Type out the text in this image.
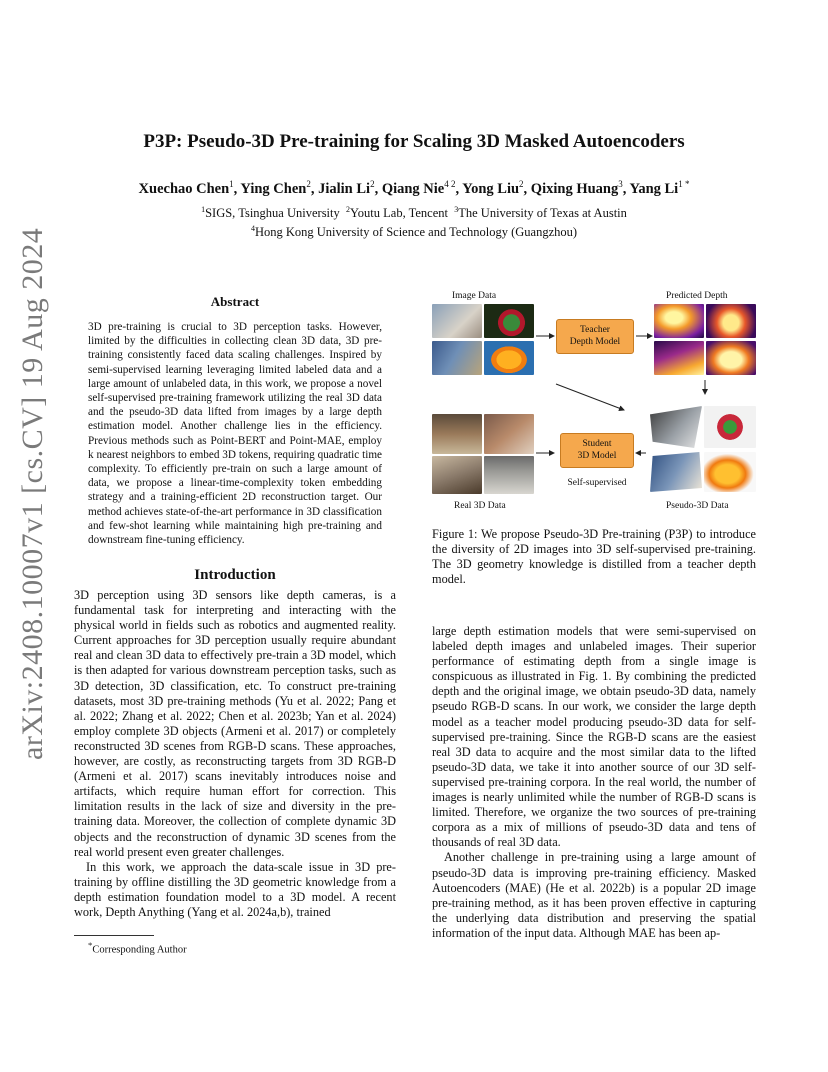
arXiv:2408.10007v1 [cs.CV] 19 Aug 2024
P3P: Pseudo-3D Pre-training for Scaling 3D Masked Autoencoders
Xuechao Chen$^1$, Ying Chen$^2$, Jialin Li$^2$, Qiang Nie$^{4 2}$, Yong Liu$^2$, Qixing Huang$^3$, Yang $Li^{1 *}$
$^1$SIGS, Tsinghua University  $^2$Youtu Lab, Tencent  $^3$The University of Texas at Austin
$^4$Hong Kong University of Science and Technology (Guangzhou)
Abstract
3D pre-training is crucial to 3D perception tasks. However, limited by the difficulties in collecting clean 3D data, 3D pre-training consistently faced data scaling challenges. Inspired by semi-supervised learning leveraging limited labeled data and a large amount of unlabeled data, in this work, we propose a novel self-supervised pre-training framework utilizing the real 3D data and the pseudo-3D data lifted from images by a large depth estimation model. Another challenge lies in the efficiency. Previous methods such as Point-BERT and Point-MAE, employ k nearest neighbors to embed 3D tokens, requiring quadratic time complexity. To efficiently pre-train on such a large amount of data, we propose a linear-time-complexity token embedding strategy and a training-efficient 2D reconstruction target. Our method achieves state-of-the-art performance in 3D classification and few-shot learning while maintaining high pre-training and downstream fine-tuning efficiency.
Introduction

3D perception using 3D sensors like depth cameras, is a fundamental task for interpreting and interacting with the physical world in fields such as robotics and augmented reality. Current approaches for 3D perception usually require abundant real and clean 3D data to effectively pre-train a 3D model, which is then adapted for various downstream perception tasks, such as 3D detection, 3D classification, etc. To construct pre-training datasets, most 3D pre-training methods (Yu et al. 2022; Pang et al. 2022; Zhang et al. 2022; Chen et al. 2023b; Yan et al. 2024) employ complete 3D objects (Armeni et al. 2017) or completely reconstructed 3D scenes from RGB-D scans. These approaches, however, are costly, as reconstructing targets from 3D RGB-D (Armeni et al. 2017) scans inevitably introduces noise and artifacts, which require human effort for correction. This limitation results in the lack of size and diversity in the pre-training data. Moreover, the collection of complete dynamic 3D objects and the reconstruction of dynamic 3D scenes from the real world present even greater challenges.

In this work, we approach the data-scale issue in 3D pre-training by offline distilling the 3D geometric knowledge from a depth estimation foundation model to a 3D model. A recent work, Depth Anything (Yang et al. 2024a,b), trained

*Corresponding Author
Image Data	Predicted Depth
Teacher
Depth Model
Student
3D Model
Self-supervised
Real 3D Data	Pseudo-3D Data
Figure 1: We propose Pseudo-3D Pre-training (P3P) to introduce the diversity of 2D images into 3D self-supervised pre-training. The 3D geometry knowledge is distilled from a teacher depth model.

large depth estimation models that were semi-supervised on labeled depth images and unlabeled images. Their superior performance of estimating depth from a single image is conspicuous as illustrated in Fig. 1. By combining the predicted depth and the original image, we obtain pseudo-3D data, namely pseudo RGB-D scans. In our work, we consider the large depth model as a teacher model producing pseudo-3D data for self-supervised pre-training. Since the RGB-D scans are the easiest real 3D data to acquire and the most similar data to the lifted pseudo-3D data, we take it into another source of our 3D self-supervised pre-training corpora. In the real world, the number of images is nearly unlimited while the number of RGB-D scans is limited. Therefore, we organize the two sources of pre-training corpora as a mix of millions of pseudo-3D data and tens of thousands of real 3D data.

Another challenge in pre-training using a large amount of pseudo-3D data is improving pre-training efficiency. Masked Autoencoders (MAE) (He et al. 2022b) is a popular 2D image pre-training method, as it has been proven effective in capturing the underlying data distribution and preserving the spatial information of the input data. Although MAE has been ap-
